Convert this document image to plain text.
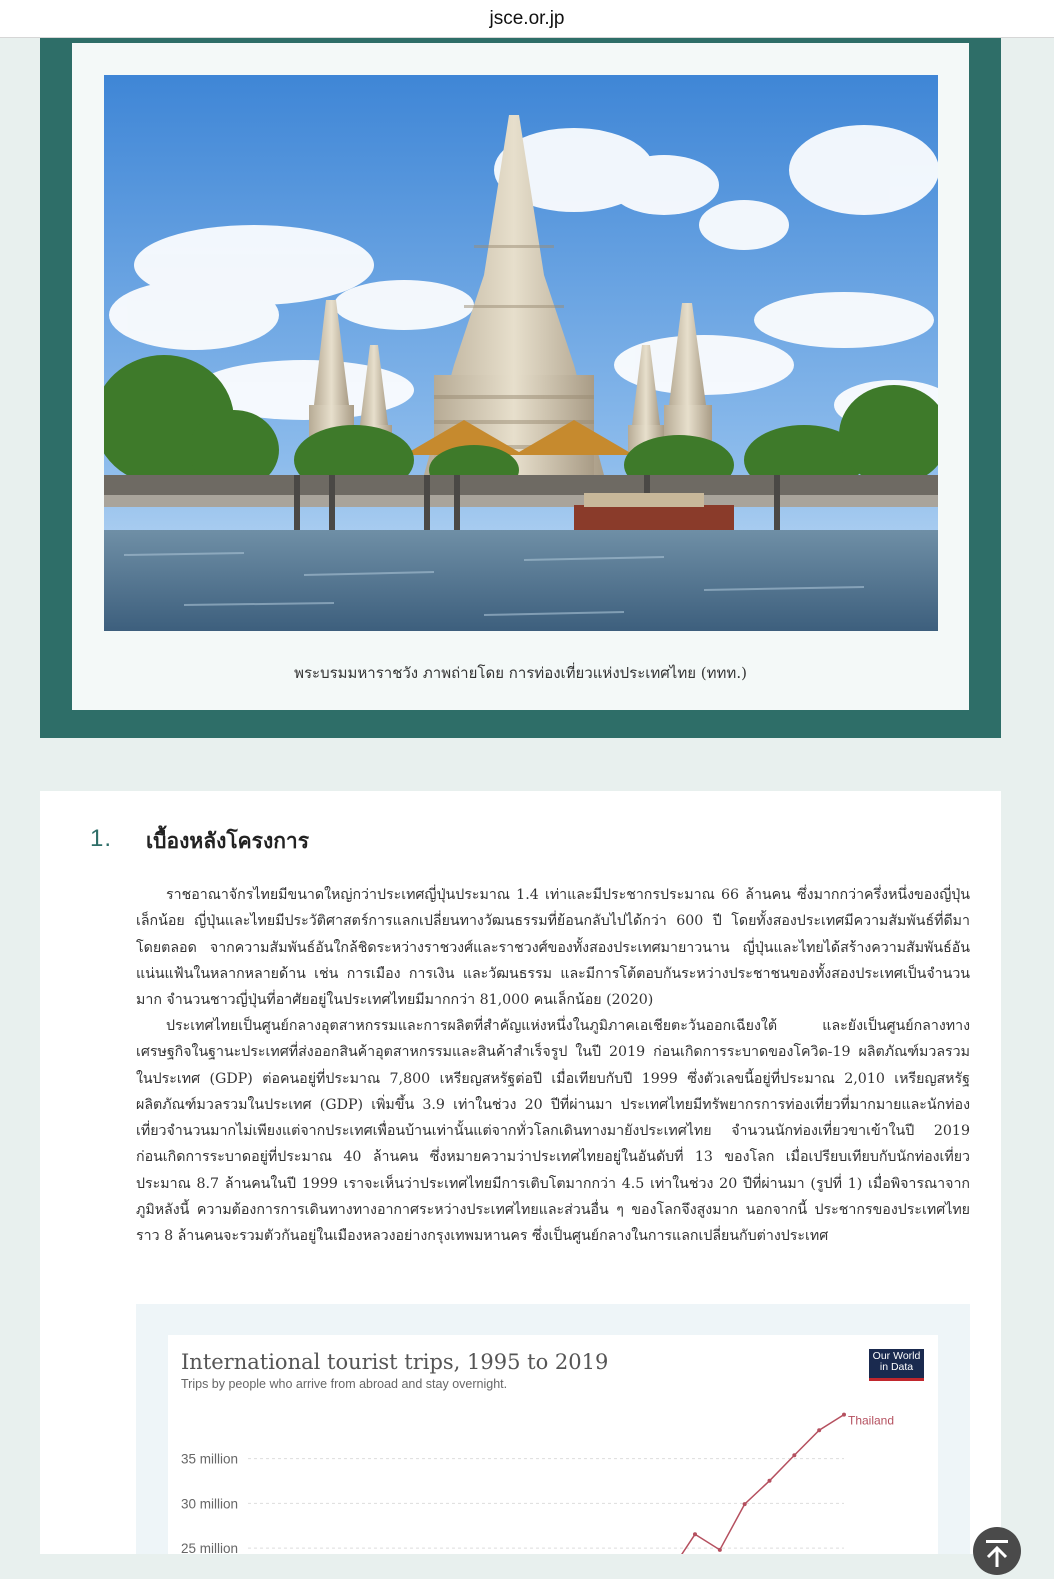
jsce.or.jp
พระบรมมหาราชวัง ภาพถ่ายโดย การท่องเที่ยวแห่งประเทศไทย (ททท.)
1. เบื้องหลังโครงการ

ราชอาณาจักรไทยมีขนาดใหญ่กว่าประเทศญี่ปุ่นประมาณ 1.4 เท่าและมีประชากรประมาณ 66 ล้านคน ซึ่งมากกว่าครึ่งหนึ่งของญี่ปุ่นเล็กน้อย ญี่ปุ่นและไทยมีประวัติศาสตร์การแลกเปลี่ยนทางวัฒนธรรมที่ย้อนกลับไปได้กว่า 600 ปี โดยทั้งสองประเทศมีความสัมพันธ์ที่ดีมาโดยตลอด จากความสัมพันธ์อันใกล้ชิดระหว่างราชวงศ์และราชวงศ์ของทั้งสองประเทศมายาวนาน ญี่ปุ่นและไทยได้สร้างความสัมพันธ์อันแน่นแฟ้นในหลากหลายด้าน เช่น การเมือง การเงิน และวัฒนธรรม และมีการโต้ตอบกันระหว่างประชาชนของทั้งสองประเทศเป็นจำนวนมาก จำนวนชาวญี่ปุ่นที่อาศัยอยู่ในประเทศไทยมีมากกว่า 81,000 คนเล็กน้อย (2020)

ประเทศไทยเป็นศูนย์กลางอุตสาหกรรมและการผลิตที่สำคัญแห่งหนึ่งในภูมิภาคเอเชียตะวันออกเฉียงใต้ และยังเป็นศูนย์กลางทางเศรษฐกิจในฐานะประเทศที่ส่งออกสินค้าอุตสาหกรรมและสินค้าสำเร็จรูป ในปี 2019 ก่อนเกิดการระบาดของโควิด-19 ผลิตภัณฑ์มวลรวมในประเทศ (GDP) ต่อคนอยู่ที่ประมาณ 7,800 เหรียญสหรัฐต่อปี เมื่อเทียบกับปี 1999 ซึ่งตัวเลขนี้อยู่ที่ประมาณ 2,010 เหรียญสหรัฐ ผลิตภัณฑ์มวลรวมในประเทศ (GDP) เพิ่มขึ้น 3.9 เท่าในช่วง 20 ปีที่ผ่านมา ประเทศไทยมีทรัพยากรการท่องเที่ยวที่มากมายและนักท่องเที่ยวจำนวนมากไม่เพียงแต่จากประเทศเพื่อนบ้านเท่านั้นแต่จากทั่วโลกเดินทางมายังประเทศไทย จำนวนนักท่องเที่ยวขาเข้าในปี 2019 ก่อนเกิดการระบาดอยู่ที่ประมาณ 40 ล้านคน ซึ่งหมายความว่าประเทศไทยอยู่ในอันดับที่ 13 ของโลก เมื่อเปรียบเทียบกับนักท่องเที่ยวประมาณ 8.7 ล้านคนในปี 1999 เราจะเห็นว่าประเทศไทยมีการเติบโตมากกว่า 4.5 เท่าในช่วง 20 ปีที่ผ่านมา (รูปที่ 1) เมื่อพิจารณาจากภูมิหลังนี้ ความต้องการการเดินทางทางอากาศระหว่างประเทศไทยและส่วนอื่น ๆ ของโลกจึงสูงมาก นอกจากนี้ ประชากรของประเทศไทยราว 8 ล้านคนจะรวมตัวกันอยู่ในเมืองหลวงอย่างกรุงเทพมหานคร ซึ่งเป็นศูนย์กลางในการแลกเปลี่ยนกับต่างประเทศ

International tourist trips, 1995 to 2019
Trips by people who arrive from abroad and stay overnight.
35 million
30 million
25 million
Thailand
Our World
in Data
